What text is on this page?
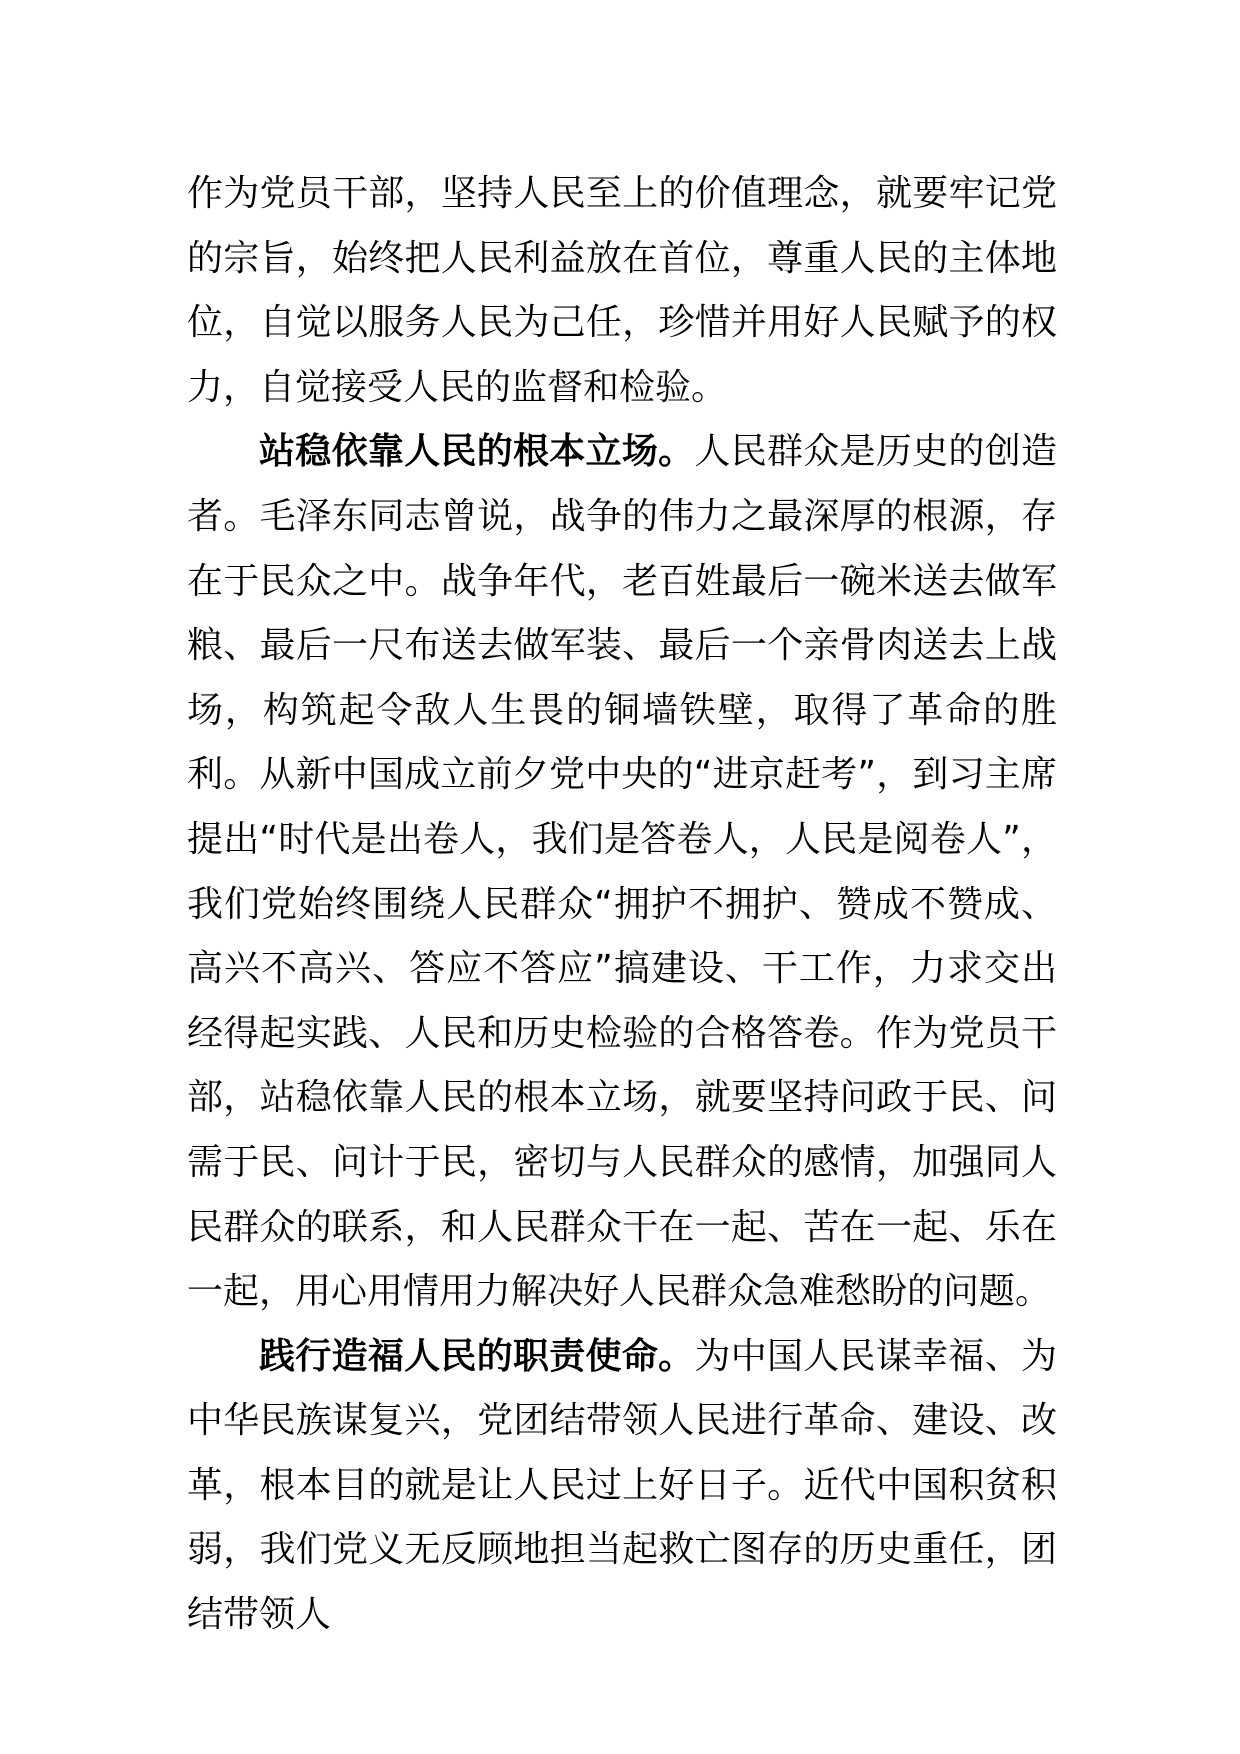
作为党员干部，坚持人民至上的价值理念，就要牢记党的宗旨，始终把人民利益放在首位，尊重人民的主体地位，自觉以服务人民为己任，珍惜并用好人民赋予的权力，自觉接受人民的监督和检验。

站稳依靠人民的根本立场。人民群众是历史的创造者。毛泽东同志曾说，战争的伟力之最深厚的根源，存在于民众之中。战争年代，老百姓最后一碗米送去做军粮、最后一尺布送去做军装、最后一个亲骨肉送去上战场，构筑起令敌人生畏的铜墙铁壁，取得了革命的胜利。从新中国成立前夕党中央的“进京赶考”，到习主席提出“时代是出卷人，我们是答卷人，人民是阅卷人”，我们党始终围绕人民群众“拥护不拥护、赞成不赞成、高兴不高兴、答应不答应”搞建设、干工作，力求交出经得起实践、人民和历史检验的合格答卷。作为党员干部，站稳依靠人民的根本立场，就要坚持问政于民、问需于民、问计于民，密切与人民群众的感情，加强同人民群众的联系，和人民群众干在一起、苦在一起、乐在一起，用心用情用力解决好人民群众急难愁盼的问题。

践行造福人民的职责使命。为中国人民谋幸福、为中华民族谋复兴，党团结带领人民进行革命、建设、改革，根本目的就是让人民过上好日子。近代中国积贫积弱，我们党义无反顾地担当起救亡图存的历史重任，团结带领人
